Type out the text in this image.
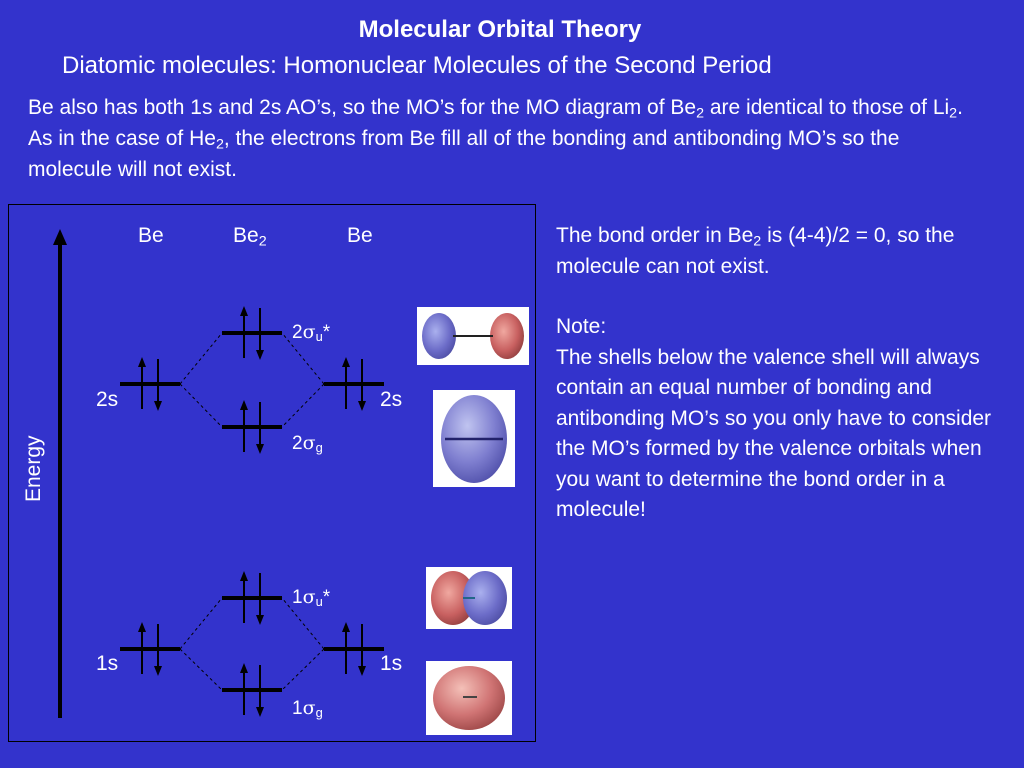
Molecular Orbital Theory
Diatomic molecules: Homonuclear Molecules of the Second Period
Be also has both 1s and 2s AO’s, so the MO’s for the MO diagram of $Be_2$ are identical to those of $Li_2$. As in the case of $He_2$, the electrons from Be fill all of the bonding and antibonding MO’s so the molecule will not exist.
Energy
Be	$Be_2$	Be
2s	2s
1s	1s
$2\sigma_u*$
$2\sigma_g$
$1\sigma_u*$
$1\sigma_g$
The bond order in $Be_2$ is (4-4)/2 = 0, so the molecule can not exist.
Note:
The shells below the valence shell will always contain an equal number of bonding and antibonding MO’s so you only have to consider the MO’s formed by the valence orbitals when you want to determine the bond order in a molecule!
